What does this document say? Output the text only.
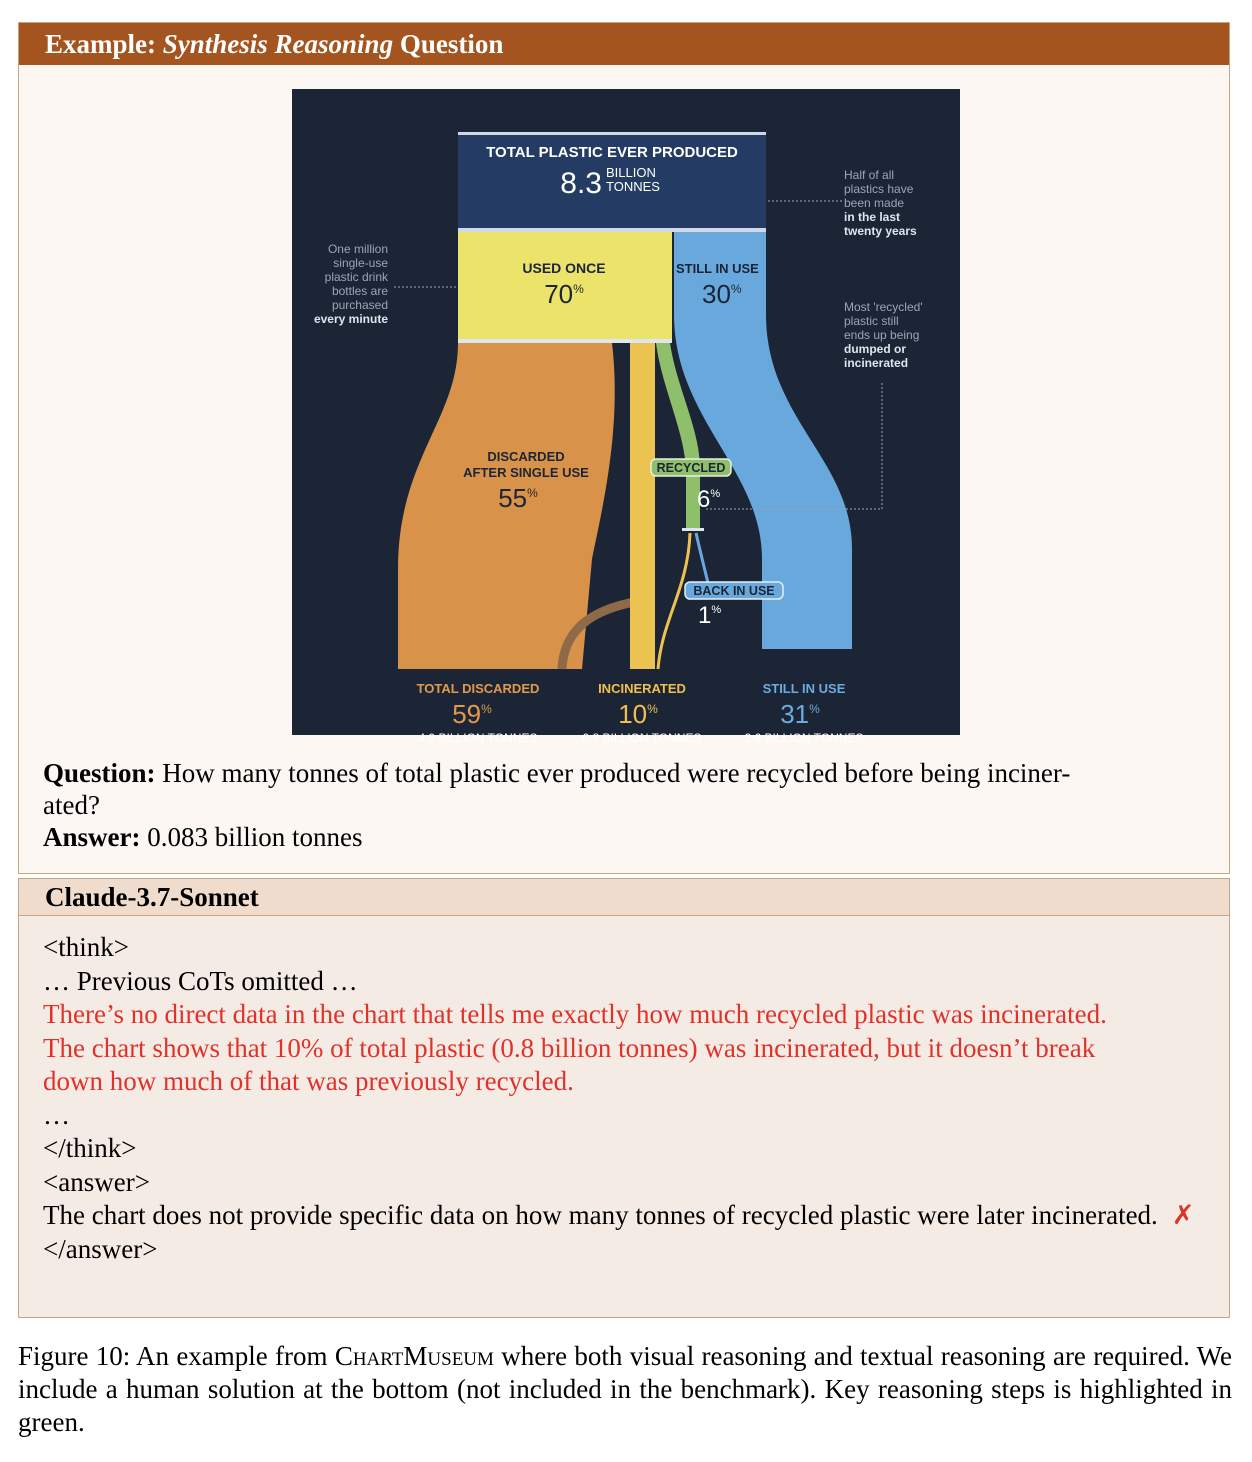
Example: Synthesis Reasoning Question
TOTAL PLASTIC EVER PRODUCED
8.3 BILLION
TONNES
USED ONCE
70%
STILL IN USE
30%
DISCARDED
AFTER SINGLE USE
55%
RECYCLED
6%
BACK IN USE
1%
TOTAL DISCARDED
59%
4.9 BILLION TONNES
INCINERATED
10%
0.8 BILLION TONNES
STILL IN USE
31%
2.6 BILLION TONNES
One million
single-use
plastic drink
bottles are
purchased
every minute
Half of all
plastics have
been made
in the last
twenty years
Most 'recycled'
plastic still
ends up being
dumped or
incinerated
Question: How many tonnes of total plastic ever produced were recycled before being inciner-
ated?
Answer: 0.083 billion tonnes
Claude-3.7-Sonnet
<think>
… Previous CoTs omitted …
There’s no direct data in the chart that tells me exactly how much recycled plastic was incinerated.
The chart shows that 10% of total plastic (0.8 billion tonnes) was incinerated, but it doesn’t break
down how much of that was previously recycled.
…
</think>
<answer>
The chart does not provide specific data on how many tonnes of recycled plastic were later incinerated. ✗
</answer>
Figure 10: An example from ChartMuseum where both visual reasoning and textual reasoning are required. We include a human solution at the bottom (not included in the benchmark). Key reasoning steps is highlighted in green.
